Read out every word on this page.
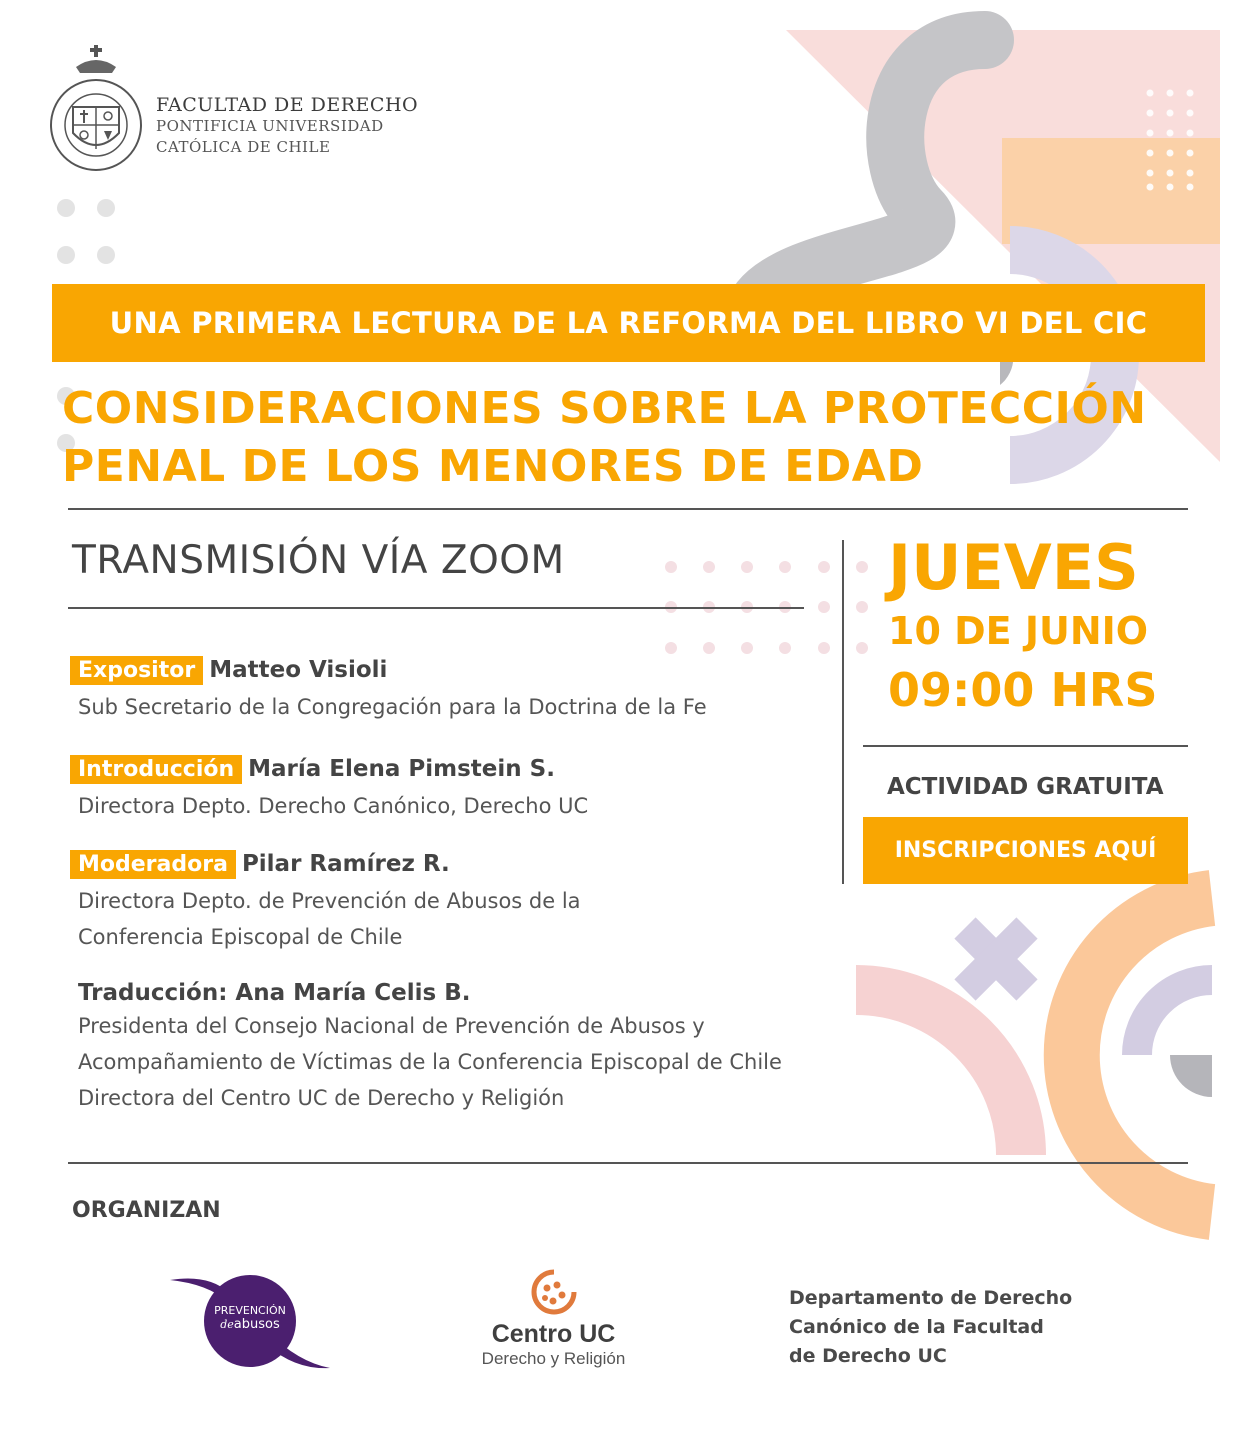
FACULTAD DE DERECHO
PONTIFICIA UNIVERSIDAD
CATÓLICA DE CHILE
UNA PRIMERA LECTURA DE LA REFORMA DEL LIBRO VI DEL CIC
CONSIDERACIONES SOBRE LA PROTECCIÓN
PENAL DE LOS MENORES DE EDAD
TRANSMISIÓN VÍA ZOOM
Expositor Matteo Visioli
Sub Secretario de la Congregación para la Doctrina de la Fe
Introducción María Elena Pimstein S.
Directora Depto. Derecho Canónico, Derecho UC
Moderadora Pilar Ramírez R.
Directora Depto. de Prevención de Abusos de la
Conferencia Episcopal de Chile
Traducción: Ana María Celis B.
Presidenta del Consejo Nacional de Prevención de Abusos y
Acompañamiento de Víctimas de la Conferencia Episcopal de Chile
Directora del Centro UC de Derecho y Religión
JUEVES
10 DE JUNIO
09:00 HRS
ACTIVIDAD GRATUITA
INSCRIPCIONES AQUÍ
ORGANIZAN
PREVENCIÓN
deabusos	Centro UC
Derecho y Religión
Departamento de Derecho
Canónico de la Facultad
de Derecho UC
